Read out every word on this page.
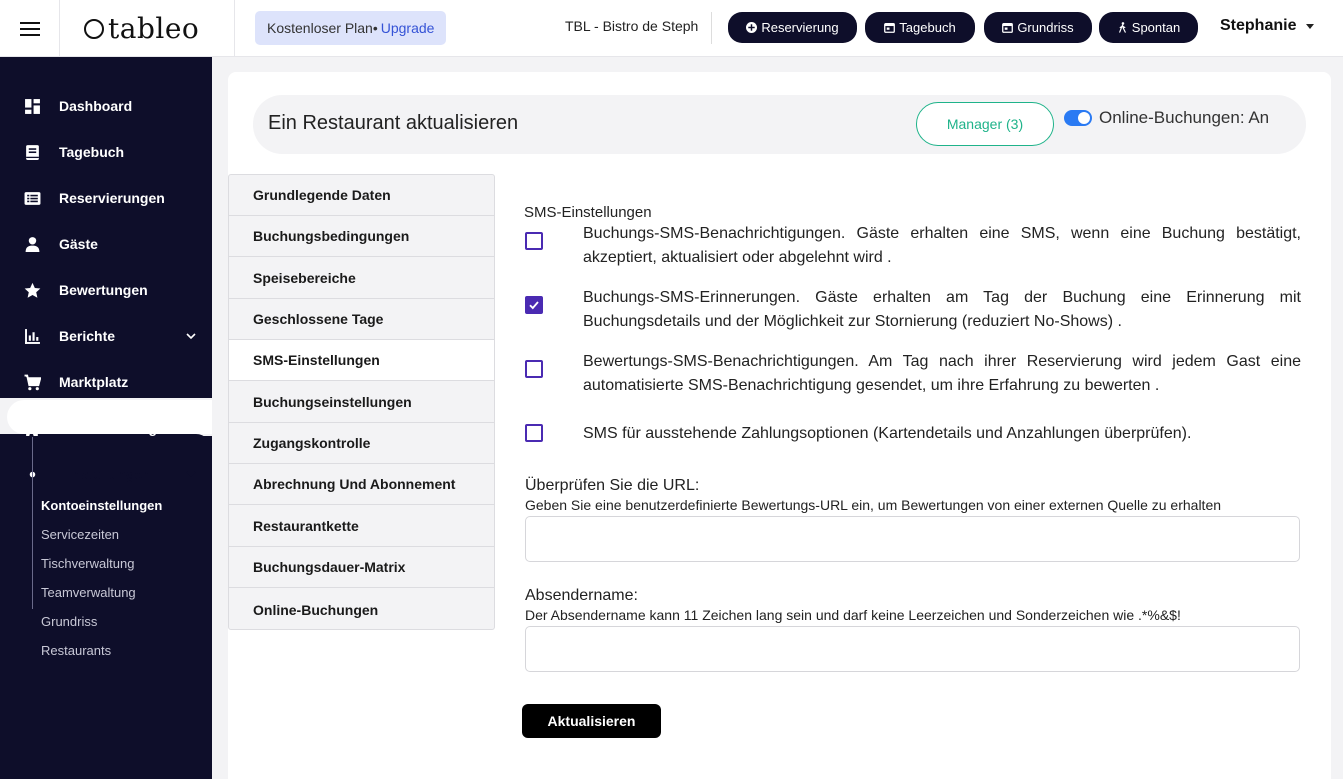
tableo	Kostenloser Plan • Upgrade	TBL - Bistro de Steph	Reservierung	Tagebuch	Grundriss	Spontan Stephanie
Dashboard
Tagebuch
Reservierungen
Gäste
Bewertungen
Berichte
Marktplatz
Zusatzleistungen
Einstellungen
Kontoeinstellungen
Servicezeiten
Tischverwaltung
Teamverwaltung
Grundriss
Restaurants
Ein Restaurant aktualisieren	Manager (3)	Online-Buchungen: An
Grundlegende Daten
Buchungsbedingungen
Speisebereiche
Geschlossene Tage
SMS-Einstellungen
Buchungseinstellungen
Zugangskontrolle
Abrechnung Und Abonnement
Restaurantkette
Buchungsdauer-Matrix
Online-Buchungen
SMS-Einstellungen
Buchungs-SMS-Benachrichtigungen. Gäste erhalten eine SMS, wenn eine Buchung bestätigt, akzeptiert, aktualisiert oder abgelehnt wird .
Buchungs-SMS-Erinnerungen. Gäste erhalten am Tag der Buchung eine Erinnerung mit Buchungsdetails und der Möglichkeit zur Stornierung (reduziert No-Shows) .
Bewertungs-SMS-Benachrichtigungen. Am Tag nach ihrer Reservierung wird jedem Gast eine automatisierte SMS-Benachrichtigung gesendet, um ihre Erfahrung zu bewerten .
SMS für ausstehende Zahlungsoptionen (Kartendetails und Anzahlungen überprüfen).
Überprüfen Sie die URL:
Geben Sie eine benutzerdefinierte Bewertungs-URL ein, um Bewertungen von einer externen Quelle zu erhalten
Absendername:
Der Absendername kann 11 Zeichen lang sein und darf keine Leerzeichen und Sonderzeichen wie .*%&$!
Aktualisieren
